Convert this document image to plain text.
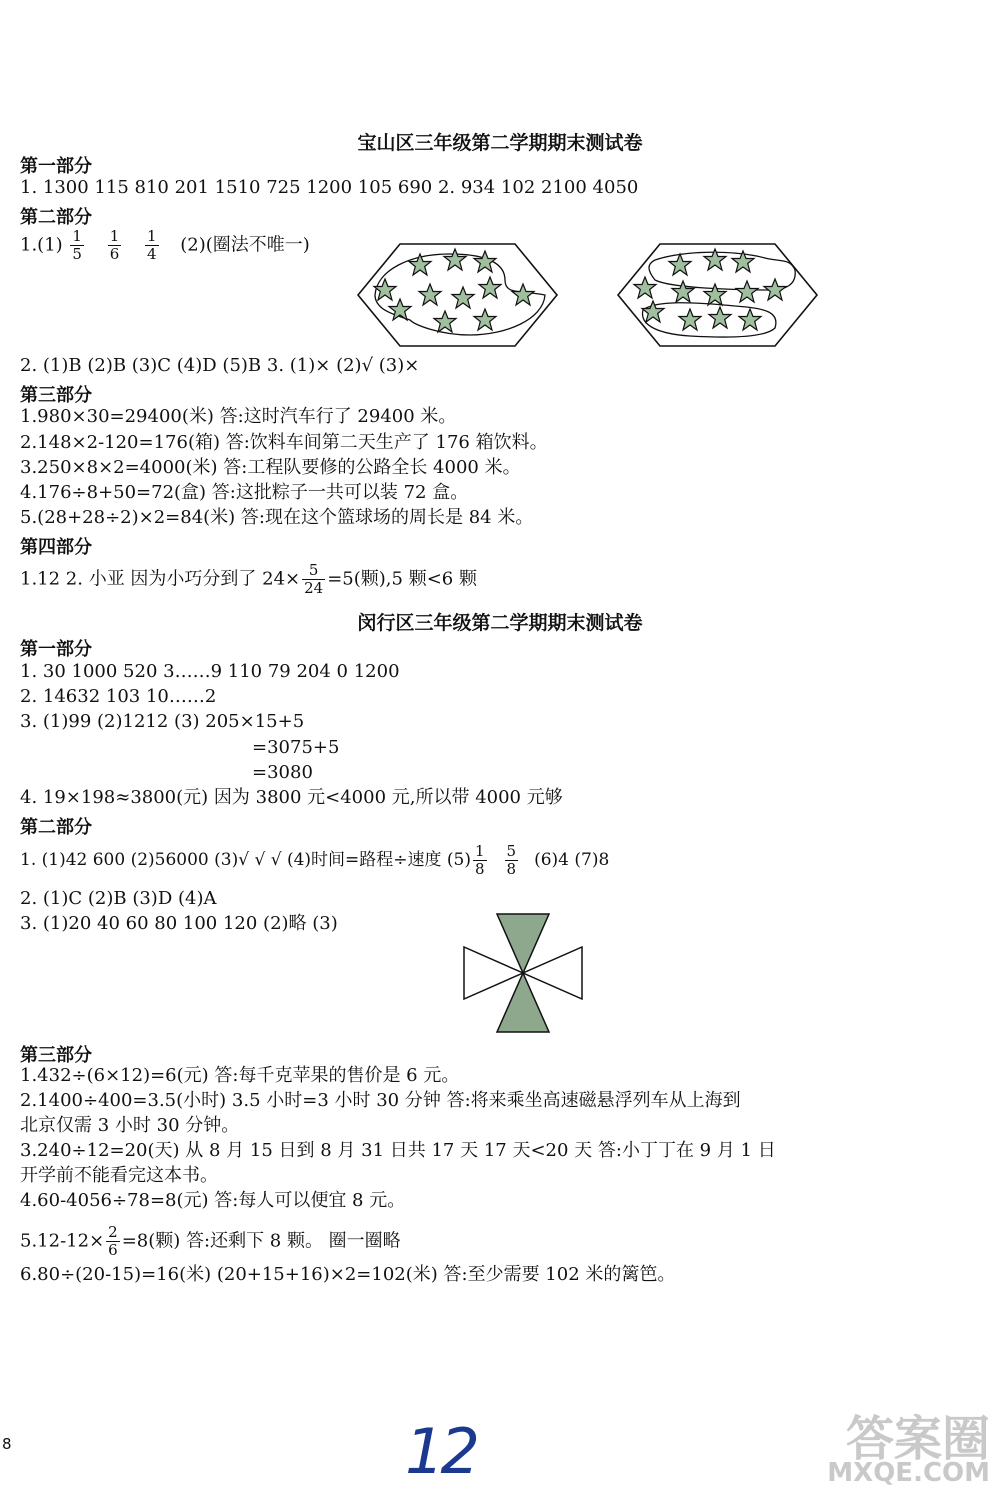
宝山区三年级第二学期期末测试卷
第一部分
1. 1300 115 810 201 1510 725 1200 105 690 2. 934 102 2100 4050
第二部分
$1.(1) \frac{1}{5}$
$\frac{1}{6}$
$\frac{1}{4} (2)$(圈法不唯一)
2. (1)B (2)B (3)C (4)D (5)B 3. (1)× (2)√ (3)×
第三部分
1.980×30=29400(米) 答:这时汽车行了 29400 米。
2.148×2-120=176(箱) 答:饮料车间第二天生产了 176 箱饮料。
3.250×8×2=4000(米) 答:工程队要修的公路全长 4000 米。
4.176÷8+50=72(盒) 答:这批粽子一共可以装 72 盒。
5.(28+28÷2)×2=84(米) 答:现在这个篮球场的周长是 84 米。
第四部分
1.12 2. 小亚 因为小巧分到了 $24\times \frac{5}{24} =5$(颗),5 颗<6 颗
闵行区三年级第二学期期末测试卷
第一部分
1. 30 1000 520 3……9 110 79 204 0 1200
2. 14632 103 10……2
3. (1)99 (2)1212 (3) 205×15+5
=3075+5
=3080
4. 19×198≈3800(元) 因为 3800 元<4000 元,所以带 4000 元够
第二部分
1. (1)42 600 (2)56000 (3)√ √ √ (4)时间=路程÷速度 $(5) \frac{1}{8} \frac{5}{8} (6)4$ (7)8
2. (1)C (2)B (3)D (4)A
3. (1)20 40 60 80 100 120 (2)略 (3)
第三部分
1.432÷(6×12)=6(元) 答:每千克苹果的售价是 6 元。
2.1400÷400=3.5(小时) 3.5 小时=3 小时 30 分钟 答:将来乘坐高速磁悬浮列车从上海到
北京仅需 3 小时 30 分钟。
3.240÷12=20(天) 从 8 月 15 日到 8 月 31 日共 17 天 17 天<20 天 答:小丁丁在 9 月 1 日
开学前不能看完这本书。
4.60-4056÷78=8(元) 答:每人可以便宜 8 元。
$5.12-12\times \frac{2}{6} =8$(颗) 答:还剩下 8 颗。 圈一圈略
6.80÷(20-15)=16(米) (20+15+16)×2=102(米) 答:至少需要 102 米的篱笆。
8	12	答案圈
MXQE.COM
